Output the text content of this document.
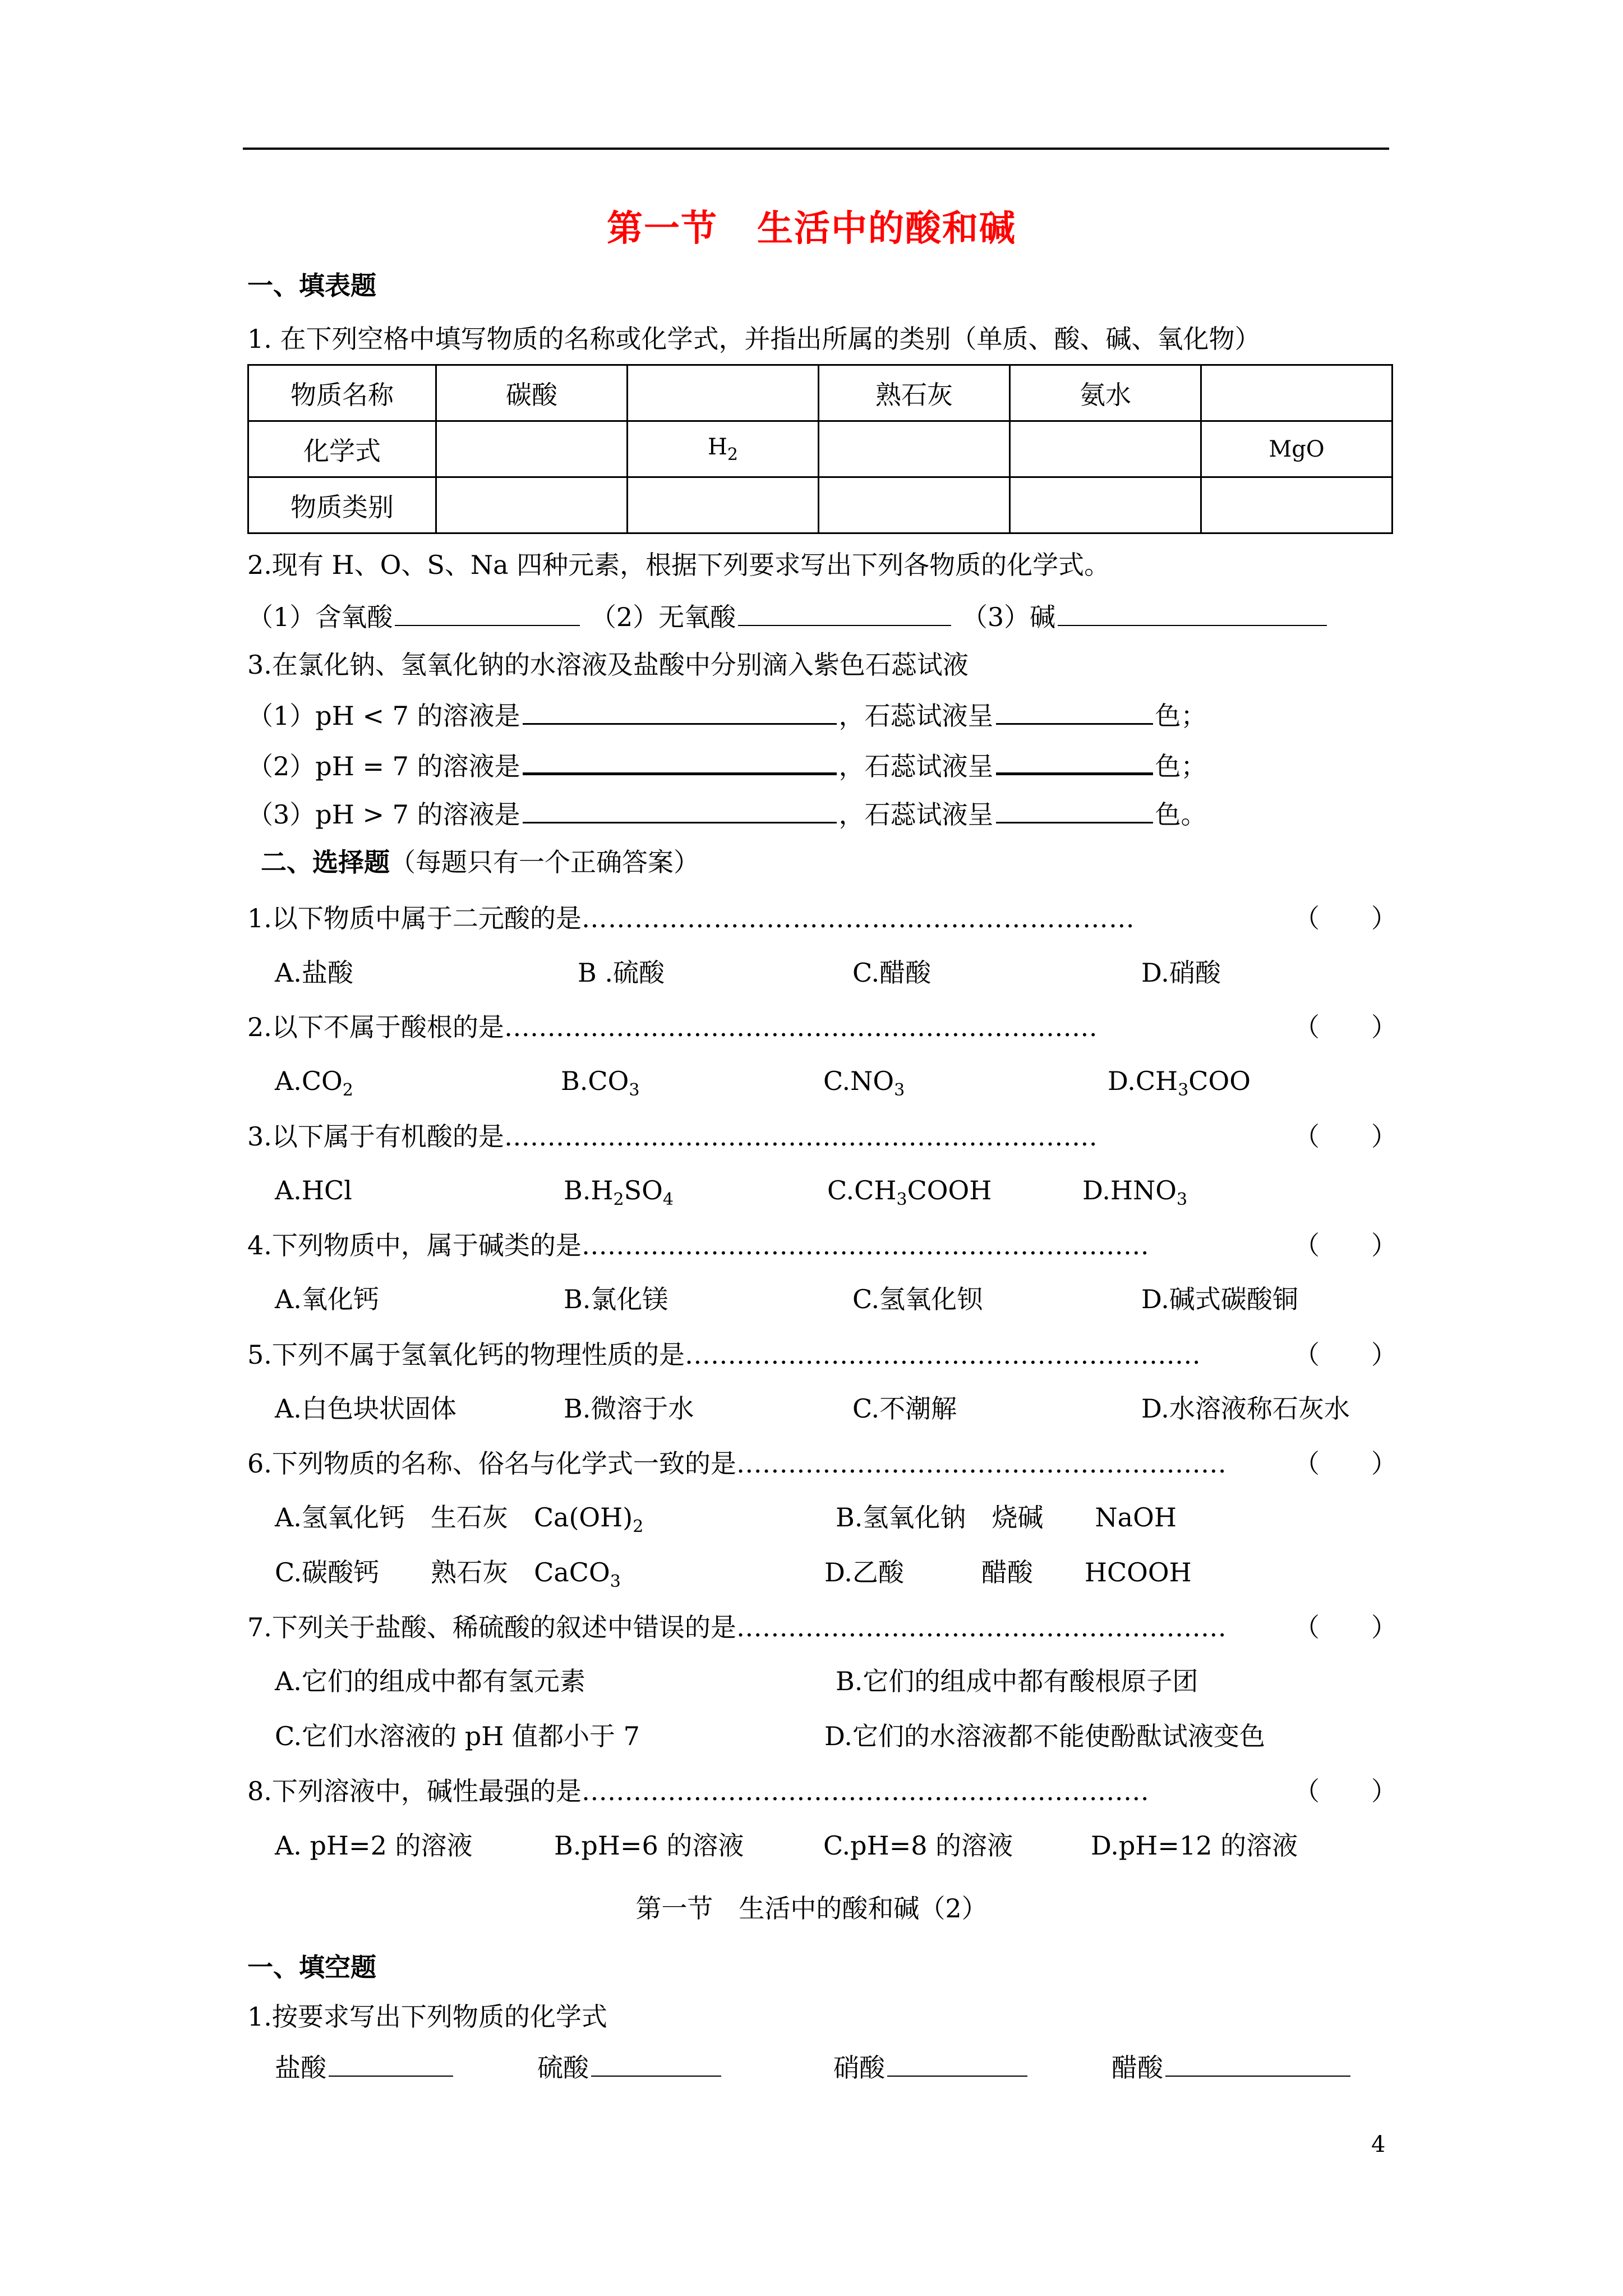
第一节 生活中的酸和碱
一、填表题
1. 在下列空格中填写物质的名称或化学式，并指出所属的类别（单质、酸、碱、氧化物）
物质名称	碳酸		熟石灰	氨水	
化学式		$H_2$			MgO
物质类别					
2.现有 H、O、S、Na 四种元素，根据下列要求写出下列各物质的化学式。
（1）含氧酸	（2）无氧酸	（3）碱
3.在氯化钠、氢氧化钠的水溶液及盐酸中分别滴入紫色石蕊试液
（1）pH < 7 的溶液是	，石蕊试液呈	色；
（2）pH = 7 的溶液是	，石蕊试液呈	色；
（3）pH > 7 的溶液是	，石蕊试液呈	色。
二、选择题（每题只有一个正确答案）
1.以下物质中属于二元酸的是………………………………………………………	（　　）
A.盐酸	B .硫酸	C.醋酸	D.硝酸
2.以下不属于酸根的是……………………………………………………………	（　　）
$A.CO_2$	$B.CO_3$	$C.NO_3$	$D.CH_3COO$
3.以下属于有机酸的是……………………………………………………………	（　　）
A.HCl	$B.H_2SO_4$	$C.CH_3COOH$	$D.HNO_3$
4.下列物质中，属于碱类的是…………………………………………………………	（　　）
A.氧化钙	B.氯化镁	C.氢氧化钡	D.碱式碳酸铜
5.下列不属于氢氧化钙的物理性质的是……………………………………………………	（　　）
A.白色块状固体	B.微溶于水	C.不潮解	D.水溶液称石灰水
6.下列物质的名称、俗名与化学式一致的是…………………………………………………	（　　）
A.氢氧化钙　生石灰　$Ca(OH)_2$	B.氢氧化钠　烧碱　　NaOH
C.碳酸钙　　熟石灰　CaCO$_3$	D.乙酸　　　醋酸　　HCOOH
7.下列关于盐酸、稀硫酸的叙述中错误的是…………………………………………………	（　　）
A.它们的组成中都有氢元素	B.它们的组成中都有酸根原子团
C.它们水溶液的 pH 值都小于 7	D.它们的水溶液都不能使酚酞试液变色
8.下列溶液中，碱性最强的是…………………………………………………………	（　　）
A. pH=2 的溶液	B.pH=6 的溶液	C.pH=8 的溶液	D.pH=12 的溶液
第一节　生活中的酸和碱（2）
一、填空题
1.按要求写出下列物质的化学式
盐酸	硫酸	硝酸	醋酸
4
